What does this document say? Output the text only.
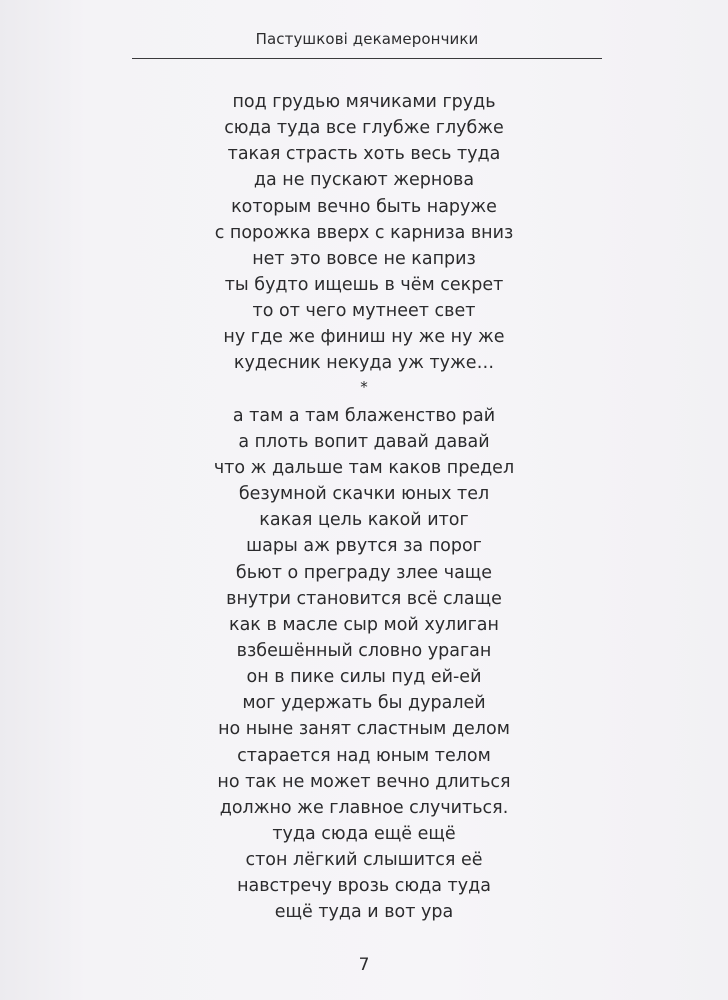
Пастушкові декамерончики
под грудью мячиками грудь
сюда туда все глубже глубже
такая страсть хоть весь туда
да не пускают жернова
которым вечно быть наруже
с порожка вверх с карниза вниз
нет это вовсе не каприз
ты будто ищешь в чём секрет
то от чего мутнеет свет
ну где же финиш ну же ну же
кудесник некуда уж туже…
*
а там а там блаженство рай
а плоть вопит давай давай
что ж дальше там каков предел
безумной скачки юных тел
какая цель какой итог
шары аж рвутся за порог
бьют о преграду злее чаще
внутри становится всё слаще
как в масле сыр мой хулиган
взбешённый словно ураган
он в пике силы пуд ей-ей
мог удержать бы дуралей
но ныне занят сластным делом
старается над юным телом
но так не может вечно длиться
должно же главное случиться.
туда сюда ещё ещё
стон лёгкий слышится её
навстречу врозь сюда туда
ещё туда и вот ура
7
